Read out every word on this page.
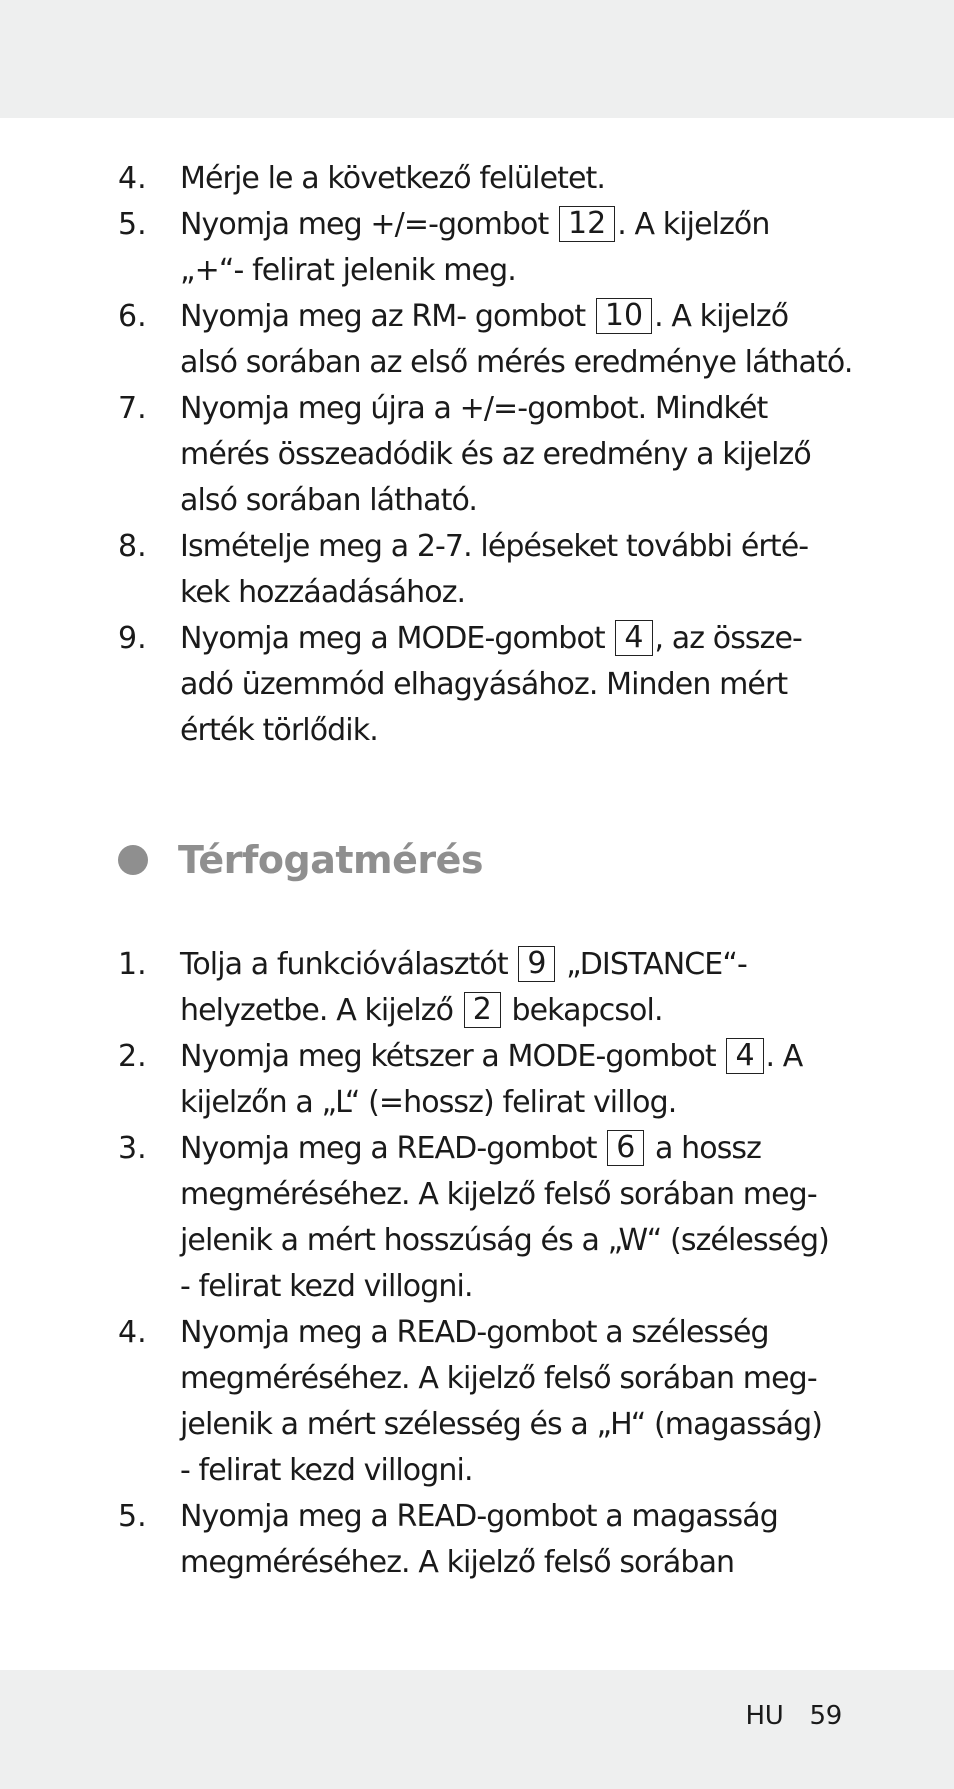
4. Mérje le a következő felületet.
5. Nyomja meg +/=-gombot 12 . A kijelzőn
„+“- felirat jelenik meg.
6. Nyomja meg az RM- gombot 10 . A kijelző
alsó sorában az első mérés eredménye látható.
7. Nyomja meg újra a +/=-gombot. Mindkét
mérés összeadódik és az eredmény a kijelző
alsó sorában látható.
8. Ismételje meg a 2-7. lépéseket további érté-
kek hozzáadásához.
9. Nyomja meg a MODE-gombot 4 , az össze-
adó üzemmód elhagyásához. Minden mért
érték törlődik.
Térfogatmérés
1. Tolja a funkcióválasztót 9 „DISTANCE“-
helyzetbe. A kijelző 2 bekapcsol.
2. Nyomja meg kétszer a MODE-gombot 4 . A
kijelzőn a „L“ (=hossz) felirat villog.
3. Nyomja meg a READ-gombot 6 a hossz
megméréséhez. A kijelző felső sorában meg-
jelenik a mért hosszúság és a „W“ (szélesség)
- felirat kezd villogni.
4. Nyomja meg a READ-gombot a szélesség
megméréséhez. A kijelző felső sorában meg-
jelenik a mért szélesség és a „H“ (magasság)
- felirat kezd villogni.
5. Nyomja meg a READ-gombot a magasság
megméréséhez. A kijelző felső sorában
HU 59
